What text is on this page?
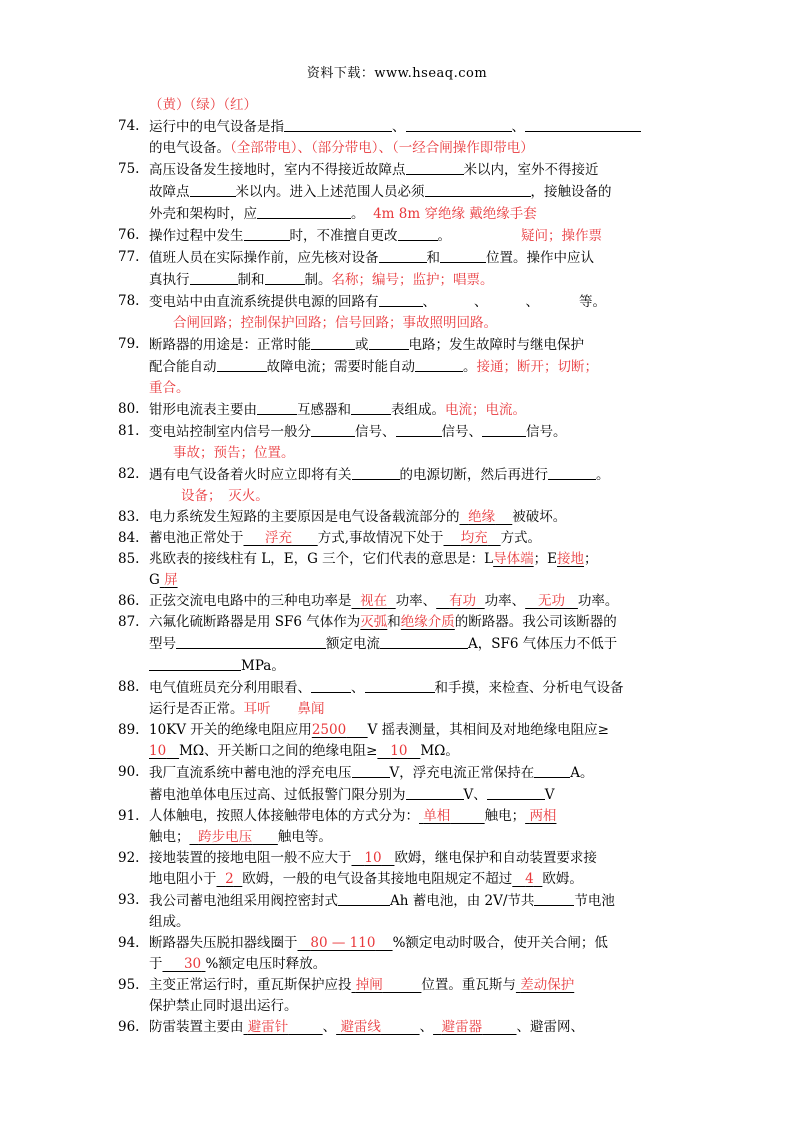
资料下载：www.hseaq.com
（黄）（绿）（红）
74. 运行中的电气设备是指	、	、
的电气设备。（全部带电）、（部分带电）、（一经合闸操作即带电）
75. 高压设备发生接地时，室内不得接近故障点	米以内，室外不得接近
故障点	米以内。进入上述范围人员必须	，接触设备的
外壳和架构时，应	。 4m 8m 穿绝缘 戴绝缘手套
76. 操作过程中发生	时，不准擅自更改	。	疑问；操作票
77. 值班人员在实际操作前，应先核对设备	和	位置。操作中应认
真执行	制和	制。名称；编号；监护；唱票。
78. 变电站中由直流系统提供电源的回路有	、	、	、	等。
合闸回路；控制保护回路；信号回路；事故照明回路。
79. 断路器的用途是：正常时能	或	电路；发生故障时与继电保护
配合能自动	故障电流；需要时能自动	。接通；断开；切断；
重合。
80. 钳形电流表主要由	互感器和	表组成。电流；电流。
81. 变电站控制室内信号一般分	信号、	信号、	信号。
事故；预告；位置。
82. 遇有电气设备着火时应立即将有关	的电源切断，然后再进行	。
设备；　灭火。
83. 电力系统发生短路的主要原因是电气设备载流部分的 绝缘 被破坏。
84. 蓄电池正常处于 浮充 方式,事故情况下处于 均充 方式。
85. 兆欧表的接线柱有 L，E，G 三个，它们代表的意思是：L导体端；E接地；
G 屏
86. 正弦交流电电路中的三种电功率是 视在 功率、 有功 功率、 无功 功率。
87. 六氟化硫断路器是用 SF6 气体作为灭弧和绝缘介质的断路器。我公司该断器的
型号	额定电流	A，SF6 气体压力不低于
MPa。
88. 电气值班员充分利用眼看、	、	和手摸，来检查、分析电气设备
运行是否正常。耳听　　鼻闻
89. 10KV 开关的绝缘电阻应用2500 V 摇表测量，其相间及对地绝缘电阻应≥
10 MΩ、开关断口之间的绝缘电阻≥ 10 MΩ。
90. 我厂直流系统中蓄电池的浮充电压	V，浮充电流正常保持在	A。
蓄电池单体电压过高、过低报警门限分别为	V、	V
91. 人体触电，按照人体接触带电体的方式分为： 单相	触电； 两相
触电； 跨步电压 触电等。
92. 接地装置的接地电阻一般不应大于 10 欧姆，继电保护和自动装置要求接
地电阻小于 2 欧姆，一般的电气设备其接地电阻规定不超过 4 欧姆。
93. 我公司蓄电池组采用阀控密封式	Ah 蓄电池，由 2V/节共	节电池
组成。
94. 断路器失压脱扣器线圈于 80 — 110 %额定电动时吸合，使开关合闸；低
于 30 %额定电压时释放。
95. 主变正常运行时，重瓦斯保护应投 掉闸	位置。重瓦斯与 差动保护
保护禁止同时退出运行。
96. 防雷装置主要由 避雷针	、 避雷线	、 避雷器	、避雷网、
